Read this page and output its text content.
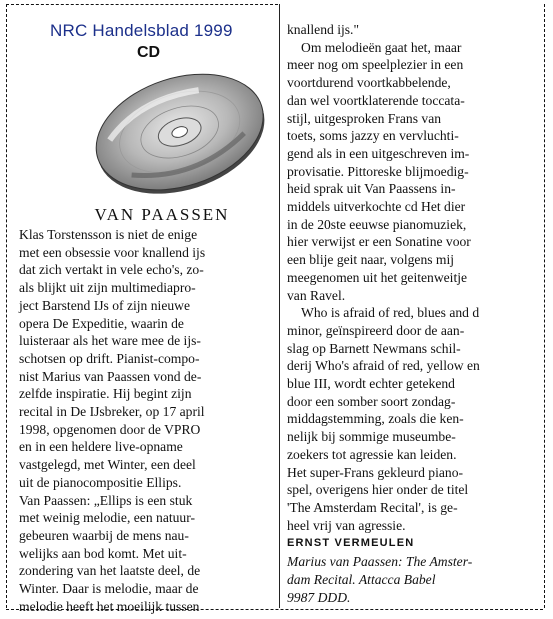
NRC Handelsblad 1999
CD
VAN PAASSEN

Klas Torstensson is niet de enige
met een obsessie voor knallend ijs
dat zich vertakt in vele echo's, zo-
als blijkt uit zijn multimediapro-
ject Barstend IJs of zijn nieuwe
opera De Expeditie, waarin de
luisteraar als het ware mee de ijs-
schotsen op drift. Pianist-compo-
nist Marius van Paassen vond de-
zelfde inspiratie. Hij begint zijn
recital in De IJsbreker, op 17 april
1998, opgenomen door de VPRO
en in een heldere live-opname
vastgelegd, met Winter, een deel
uit de pianocompositie Ellips.
Van Paassen: „Ellips is een stuk
met weinig melodie, een natuur-
gebeuren waarbij de mens nau-
welijks aan bod komt. Met uit-
zondering van het laatste deel, de
Winter. Daar is melodie, maar de
melodie heeft het moeilijk tussen

knallend ijs."
Om melodieën gaat het, maar
meer nog om speelplezier in een
voortdurend voortkabbelende,
dan wel voortklaterende toccata-
stijl, uitgesproken Frans van
toets, soms jazzy en vervluchti-
gend als in een uitgeschreven im-
provisatie. Pittoreske blijmoedig-
heid sprak uit Van Paassens in-
middels uitverkochte cd Het dier
in de 20ste eeuwse pianomuziek,
hier verwijst er een Sonatine voor
een blije geit naar, volgens mij
meegenomen uit het geitenweitje
van Ravel.

Who is afraid of red, blues and d
minor, geïnspireerd door de aan-
slag op Barnett Newmans schil-
derij Who's afraid of red, yellow en
blue III, wordt echter getekend
door een somber soort zondag-
middagstemming, zoals die ken-
nelijk bij sommige museumbe-
zoekers tot agressie kan leiden.
Het super-Frans gekleurd piano-
spel, overigens hier onder de titel
'The Amsterdam Recital', is ge-
heel vrij van agressie.

ERNST VERMEULEN

Marius van Paassen: The Amster-
dam Recital. Attacca Babel
9987 DDD.
